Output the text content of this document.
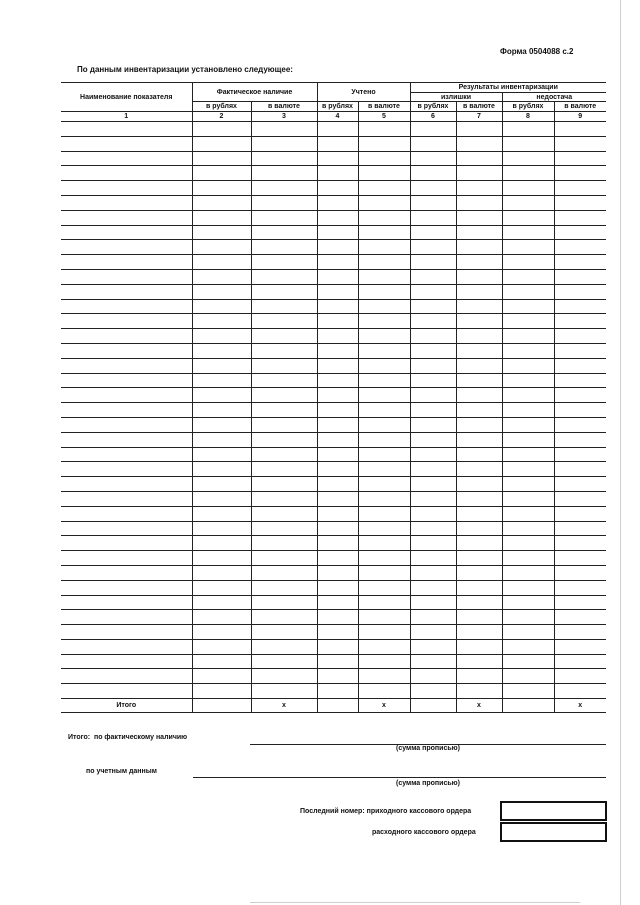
Форма 0504088 с.2
По данным инвентаризации установлено следующее:
Наименование показателя	Фактическое наличие		Учтено		Результаты инвентаризации			
					излишки		недостача	
	в рублях	в валюте	в рублях	в валюте	в рублях	в валюте	в рублях	в валюте
1	2	3	4	5	6	7	8	9

Итого		x		x		x		x
Итого: по фактическому наличию
(сумма прописью)
по учетным данным
(сумма прописью)
Последний номер: приходного кассового ордера
расходного кассового ордера
